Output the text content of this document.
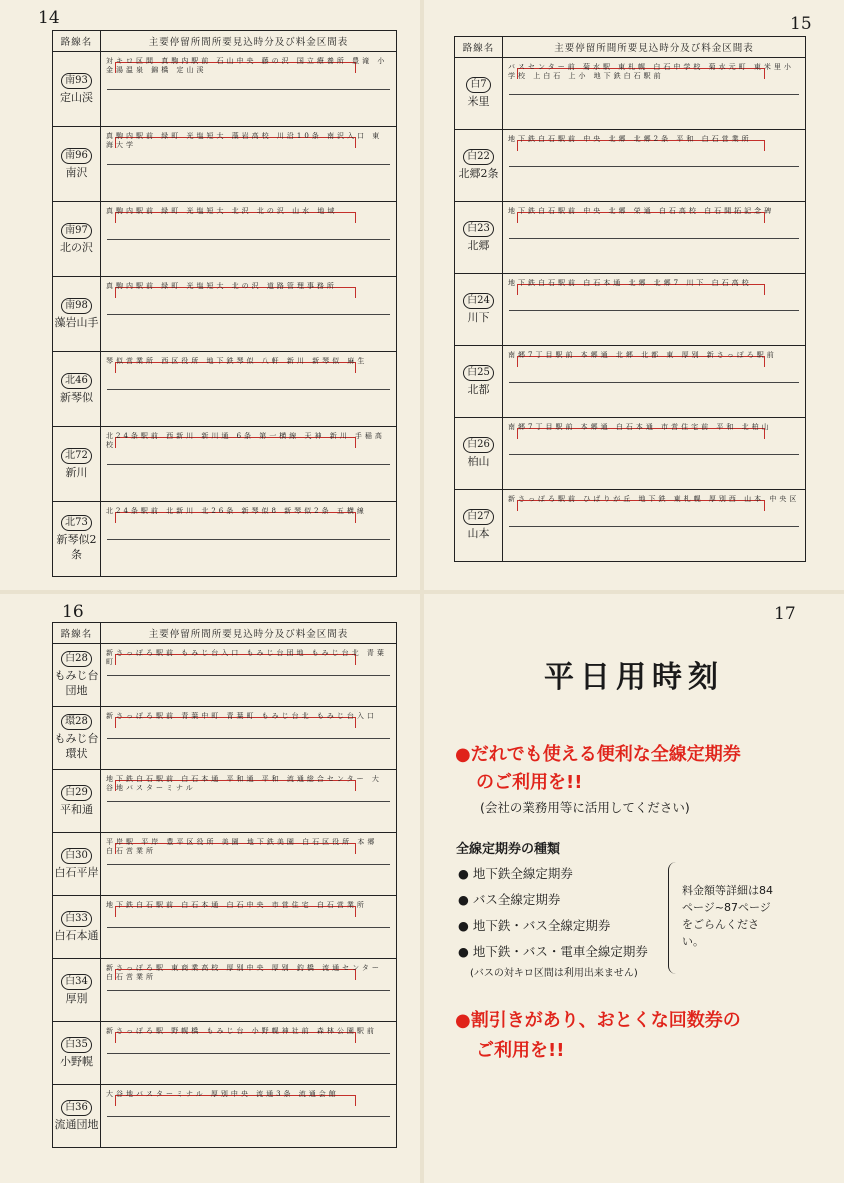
14
路線名	主要停留所間所要見込時分及び料金区間表
南93
定山渓	対キロ区間 真駒内駅前 石山中央 藤の沢 国立療養所 豊滝 小金湯温泉 錦橋 定山渓

南96
南沢	真駒内駅前 緑町 光塩短大 藻岩高校 川沿10条 南沢入口 東海大学

南97
北の沢	真駒内駅前 緑町 光塩短大 北沢 北の沢 山水 地域

南98
藻岩山手	真駒内駅前 緑町 光塩短大 北の沢 道路管理事務所

北46
新琴似	琴似営業所 西区役所 地下鉄琴似 八軒 新川 新琴似 麻生

北72
新川	北24条駅前 西新川 新川通 6条 第一横線 天神 新川 手稲高校

北73
新琴似2条	北24条駅前 北新川 北26条 新琴似8 新琴似2条 五横線
15
路線名	主要停留所間所要見込時分及び料金区間表
白7
米里	バスセンター前 菊水駅 東札幌 白石中学校 菊水元町 東米里小学校 上白石 上小 地下鉄白石駅前

白22
北郷2条	地下鉄白石駅前 中央 北郷 北郷2条 平和 白石営業所

白23
北郷	地下鉄白石駅前 中央 北郷 栄通 白石高校 白石開拓記念碑

白24
川下	地下鉄白石駅前 白石本通 北郷 北郷7 川下 白石高校

白25
北都	南郷7丁目駅前 本郷通 北郷 北都 東 厚別 新さっぽろ駅前

白26
柏山	南郷7丁目駅前 本郷通 白石本通 市営住宅前 平和 北柏山

白27
山本	新さっぽろ駅前 ひばりが丘 地下鉄 東札幌 厚別西 山本 中央区
16
路線名	主要停留所間所要見込時分及び料金区間表
白28
もみじ台団地	新さっぽろ駅前 もみじ台入口 もみじ台団地 もみじ台北 青葉町

環28
もみじ台環状	新さっぽろ駅前 青葉中町 青葉町 もみじ台北 もみじ台入口

白29
平和通	地下鉄白石駅前 白石本通 平和通 平和 流通総合センター 大谷地バスターミナル

白30
白石平岸	平岸駅 平岸 豊平区役所 美園 地下鉄美園 白石区役所 本郷 白石営業所

白33
白石本通	地下鉄白石駅前 白石本通 白石中央 市営住宅 白石営業所

白34
厚別	新さっぽろ駅 東商業高校 厚別中央 厚別 釣橋 流通センター 白石営業所

白35
小野幌	新さっぽろ駅 野幌橋 もみじ台 小野幌神社前 森林公園駅前

白36
流通団地	大谷地バスターミナル 厚別中央 流通3条 流通会館
17
平日用時刻
●だれでも使える便利な全線定期券
のご利用を!!
(会社の業務用等に活用してください)
全線定期券の種類
● 地下鉄全線定期券
● バス全線定期券
● 地下鉄・バス全線定期券
● 地下鉄・バス・電車全線定期券
(バスの対キロ区間は利用出来ません)
料金額等詳細は84ページ~87ページをごらんください。
●割引きがあり、おとくな回数券の
ご利用を!!
